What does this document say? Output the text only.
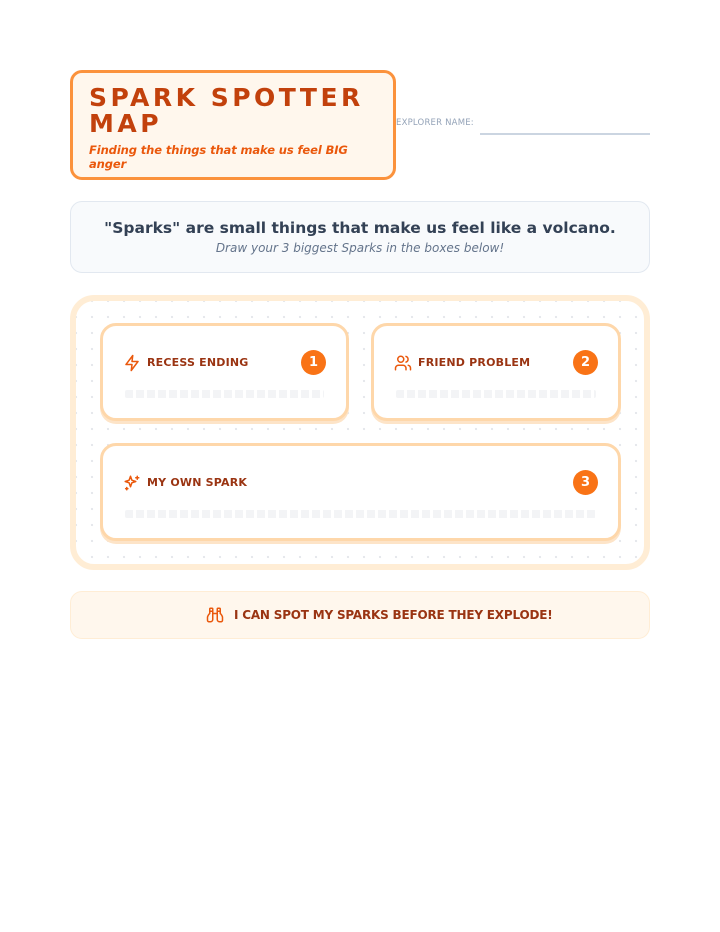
SPARK SPOTTER MAP
Finding the things that make us feel BIG anger
EXPLORER NAME:
"Sparks" are small things that make us feel like a volcano.
Draw your 3 biggest Sparks in the boxes below!
RECESS ENDING	1	FRIEND PROBLEM	2
MY OWN SPARK	3
I CAN SPOT MY SPARKS BEFORE THEY EXPLODE!
